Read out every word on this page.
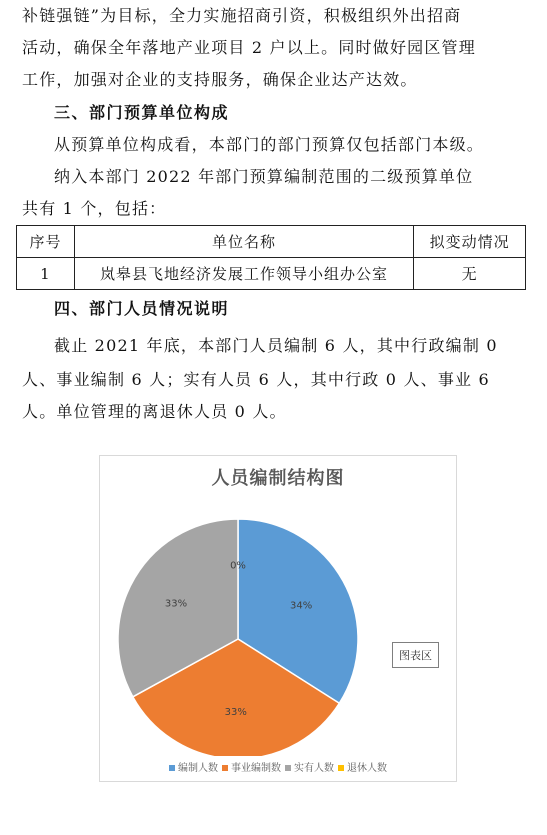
补链强链”为目标，全力实施招商引资，积极组织外出招商
活动，确保全年落地产业项目 2 户以上。同时做好园区管理
工作，加强对企业的支持服务，确保企业达产达效。
三、部门预算单位构成
从预算单位构成看，本部门的部门预算仅包括部门本级。
纳入本部门 2022 年部门预算编制范围的二级预算单位
共有 1 个，包括：
序号	单位名称	拟变动情况
1	岚皋县飞地经济发展工作领导小组办公室	无
四、部门人员情况说明
截止 2021 年底，本部门人员编制 6 人，其中行政编制 0
人、事业编制 6 人；实有人员 6 人，其中行政 0 人、事业 6
人。单位管理的离退休人员 0 人。
人员编制结构图
34%
33%
33%
0%
图表区
编制人数 事业编制数 实有人数 退休人数
